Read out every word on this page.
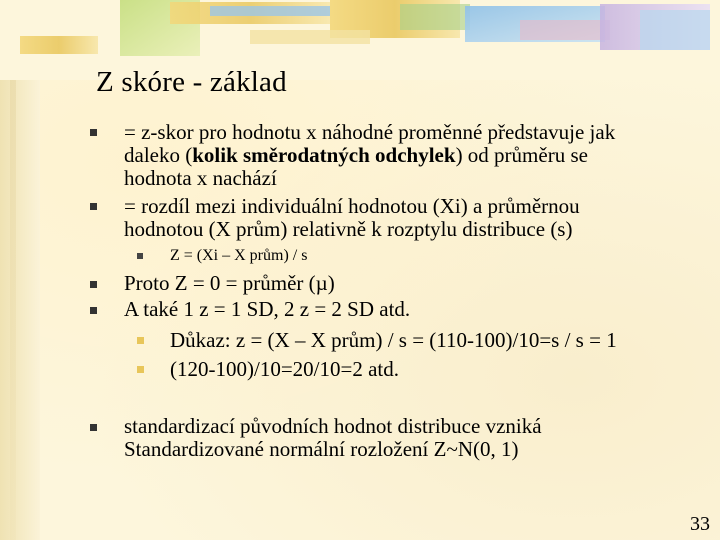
Z skóre - základ
= z-skor pro hodnotu x náhodné proměnné představuje jak
daleko (kolik směrodatných odchylek) od průměru se
hodnota x nachází
= rozdíl mezi individuální hodnotou (Xi) a průměrnou
hodnotou (X prům) relativně k rozptylu distribuce (s)
Z = (Xi – X prům) / s
Proto Z = 0 = průměr (µ)
A také 1 z = 1 SD, 2 z = 2 SD atd.
Důkaz: z = (X – X prům) / s = (110-100)/10=s / s = 1
(120-100)/10=20/10=2 atd.
standardizací původních hodnot distribuce vzniká
Standardizované normální rozložení Z~N(0, 1)
33
